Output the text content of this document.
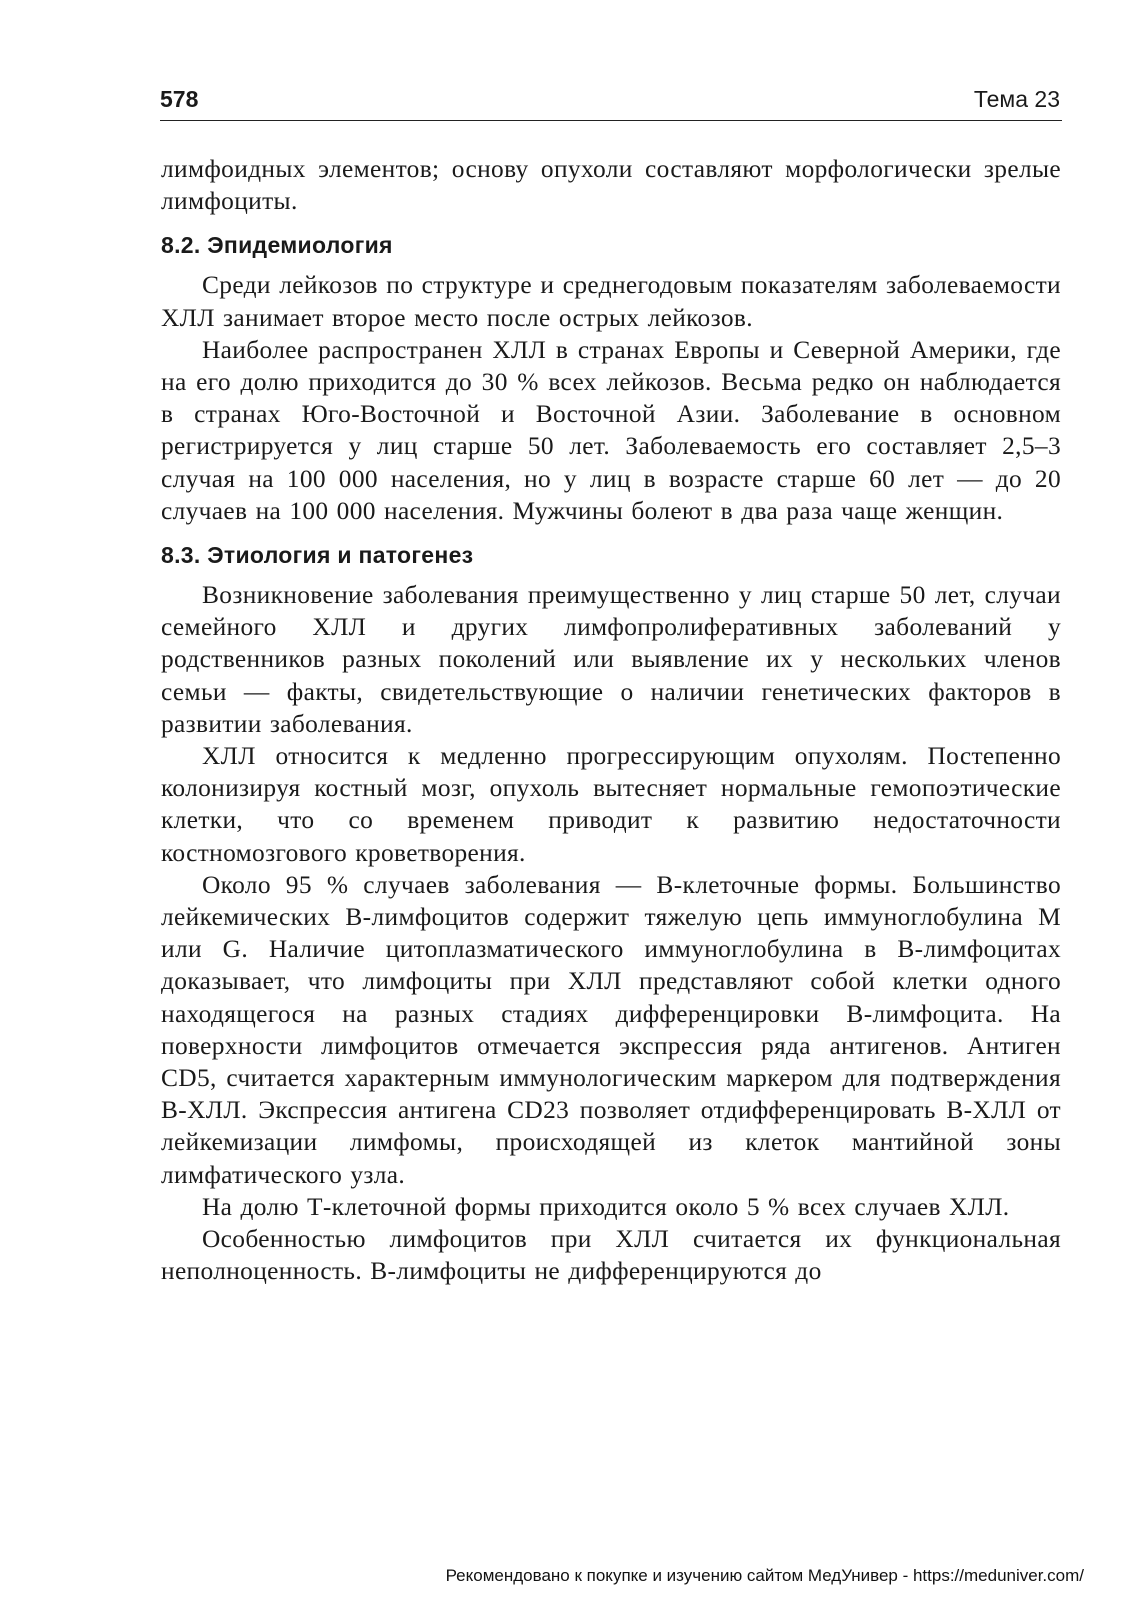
578	Тема 23

лимфоидных элементов; основу опухоли составляют морфологически зрелые лимфоциты.

8.2. Эпидемиология

Среди лейкозов по структуре и среднегодовым показателям заболеваемости ХЛЛ занимает второе место после острых лейкозов.

Наиболее распространен ХЛЛ в странах Европы и Северной Америки, где на его долю приходится до 30 % всех лейкозов. Весьма редко он наблюдается в странах Юго-Восточной и Восточной Азии. Заболевание в основном регистрируется у лиц старше 50 лет. Заболеваемость его составляет 2,5–3 случая на 100 000 населения, но у лиц в возрасте старше 60 лет — до 20 случаев на 100 000 населения. Мужчины болеют в два раза чаще женщин.

8.3. Этиология и патогенез

Возникновение заболевания преимущественно у лиц старше 50 лет, случаи семейного ХЛЛ и других лимфопролиферативных заболеваний у родственников разных поколений или выявление их у нескольких членов семьи — факты, свидетельствующие о наличии генетических факторов в развитии заболевания.

ХЛЛ относится к медленно прогрессирующим опухолям. Постепенно колонизируя костный мозг, опухоль вытесняет нормальные гемопоэтические клетки, что со временем приводит к развитию недостаточности костномозгового кроветворения.

Около 95 % случаев заболевания — В-клеточные формы. Большинство лейкемических В-лимфоцитов содержит тяжелую цепь иммуноглобулина М или G. Наличие цитоплазматического иммуноглобулина в В-лимфоцитах доказывает, что лимфоциты при ХЛЛ представляют собой клетки одного находящегося на разных стадиях дифференцировки В-лимфоцита. На поверхности лимфоцитов отмечается экспрессия ряда антигенов. Антиген CD5, считается характерным иммунологическим маркером для подтверждения В-ХЛЛ. Экспрессия антигена CD23 позволяет отдифференцировать В-ХЛЛ от лейкемизации лимфомы, происходящей из клеток мантийной зоны лимфатического узла.

На долю Т-клеточной формы приходится около 5 % всех случаев ХЛЛ.

Особенностью лимфоцитов при ХЛЛ считается их функциональная неполноценность. В-лимфоциты не дифференцируются до

Рекомендовано к покупке и изучению сайтом МедУнивер - https://meduniver.com/
